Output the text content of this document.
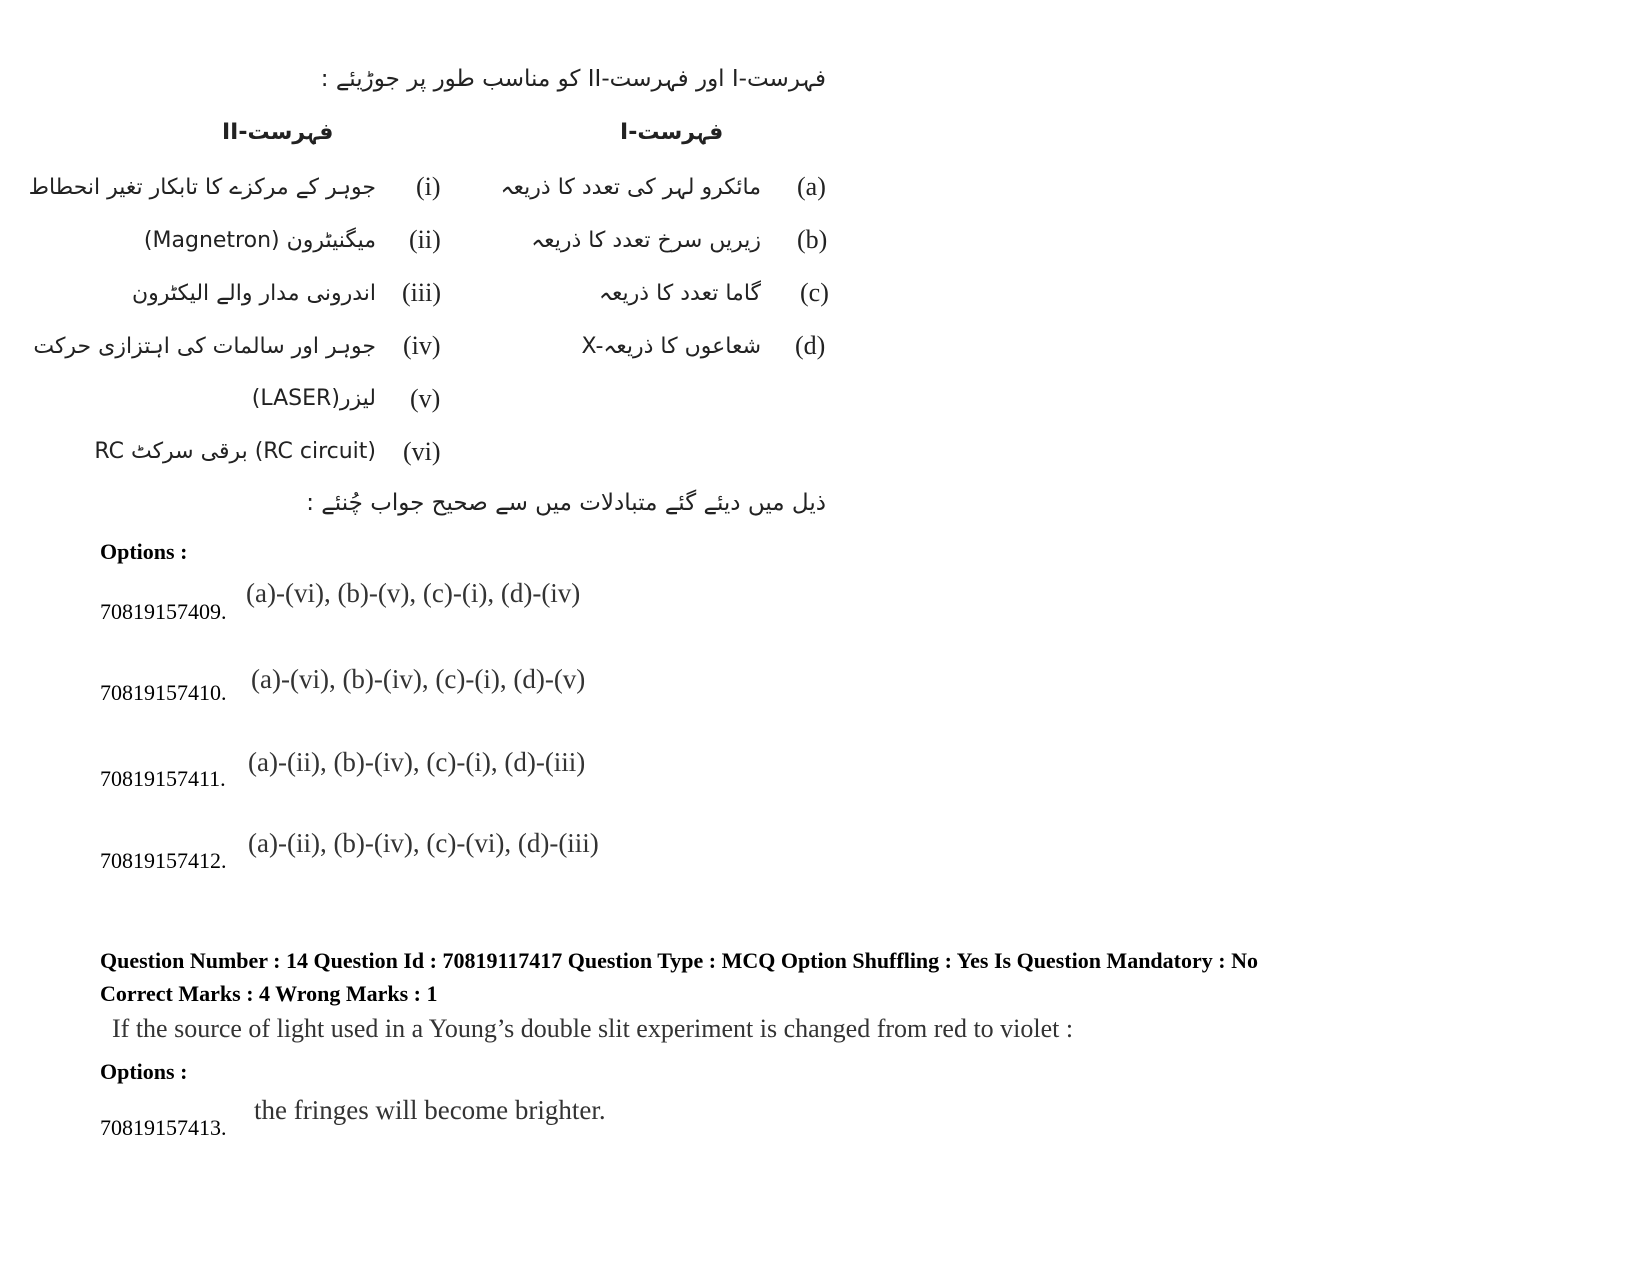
فہرست-I اور فہرست-II کو مناسب طور پر جوڑیئے :
فہرست-II	فہرست-I
(a)
مائکرو لہر کی تعدد کا ذریعہ
(b)
زیریں سرخ تعدد کا ذریعہ
(c)
گاما تعدد کا ذریعہ
(d)
X-شعاعوں کا ذریعہ
(i)
جوہر کے مرکزے کا تابکار تغیر انحطاط
(ii)
میگنیٹرون (Magnetron)
(iii)
اندرونی مدار والے الیکٹرون
(iv)
جوہر اور سالمات کی اہتزازی حرکت
(v)
لیزر(LASER)
(vi)
RC برقی سرکٹ (RC circuit)
ذیل میں دیئے گئے متبادلات میں سے صحیح جواب چُنئے :
Options :
70819157409.
(a)-(vi), (b)-(v), (c)-(i), (d)-(iv)
70819157410. (a)-(vi), (b)-(iv), (c)-(i), (d)-(v)
70819157411.
(a)-(ii), (b)-(iv), (c)-(i), (d)-(iii)
70819157412.
(a)-(ii), (b)-(iv), (c)-(vi), (d)-(iii)
Question Number : 14 Question Id : 70819117417 Question Type : MCQ Option Shuffling : Yes Is Question Mandatory : No
Correct Marks : 4 Wrong Marks : 1
If the source of light used in a Young’s double slit experiment is changed from red to violet :
Options :
70819157413.
the fringes will become brighter.
